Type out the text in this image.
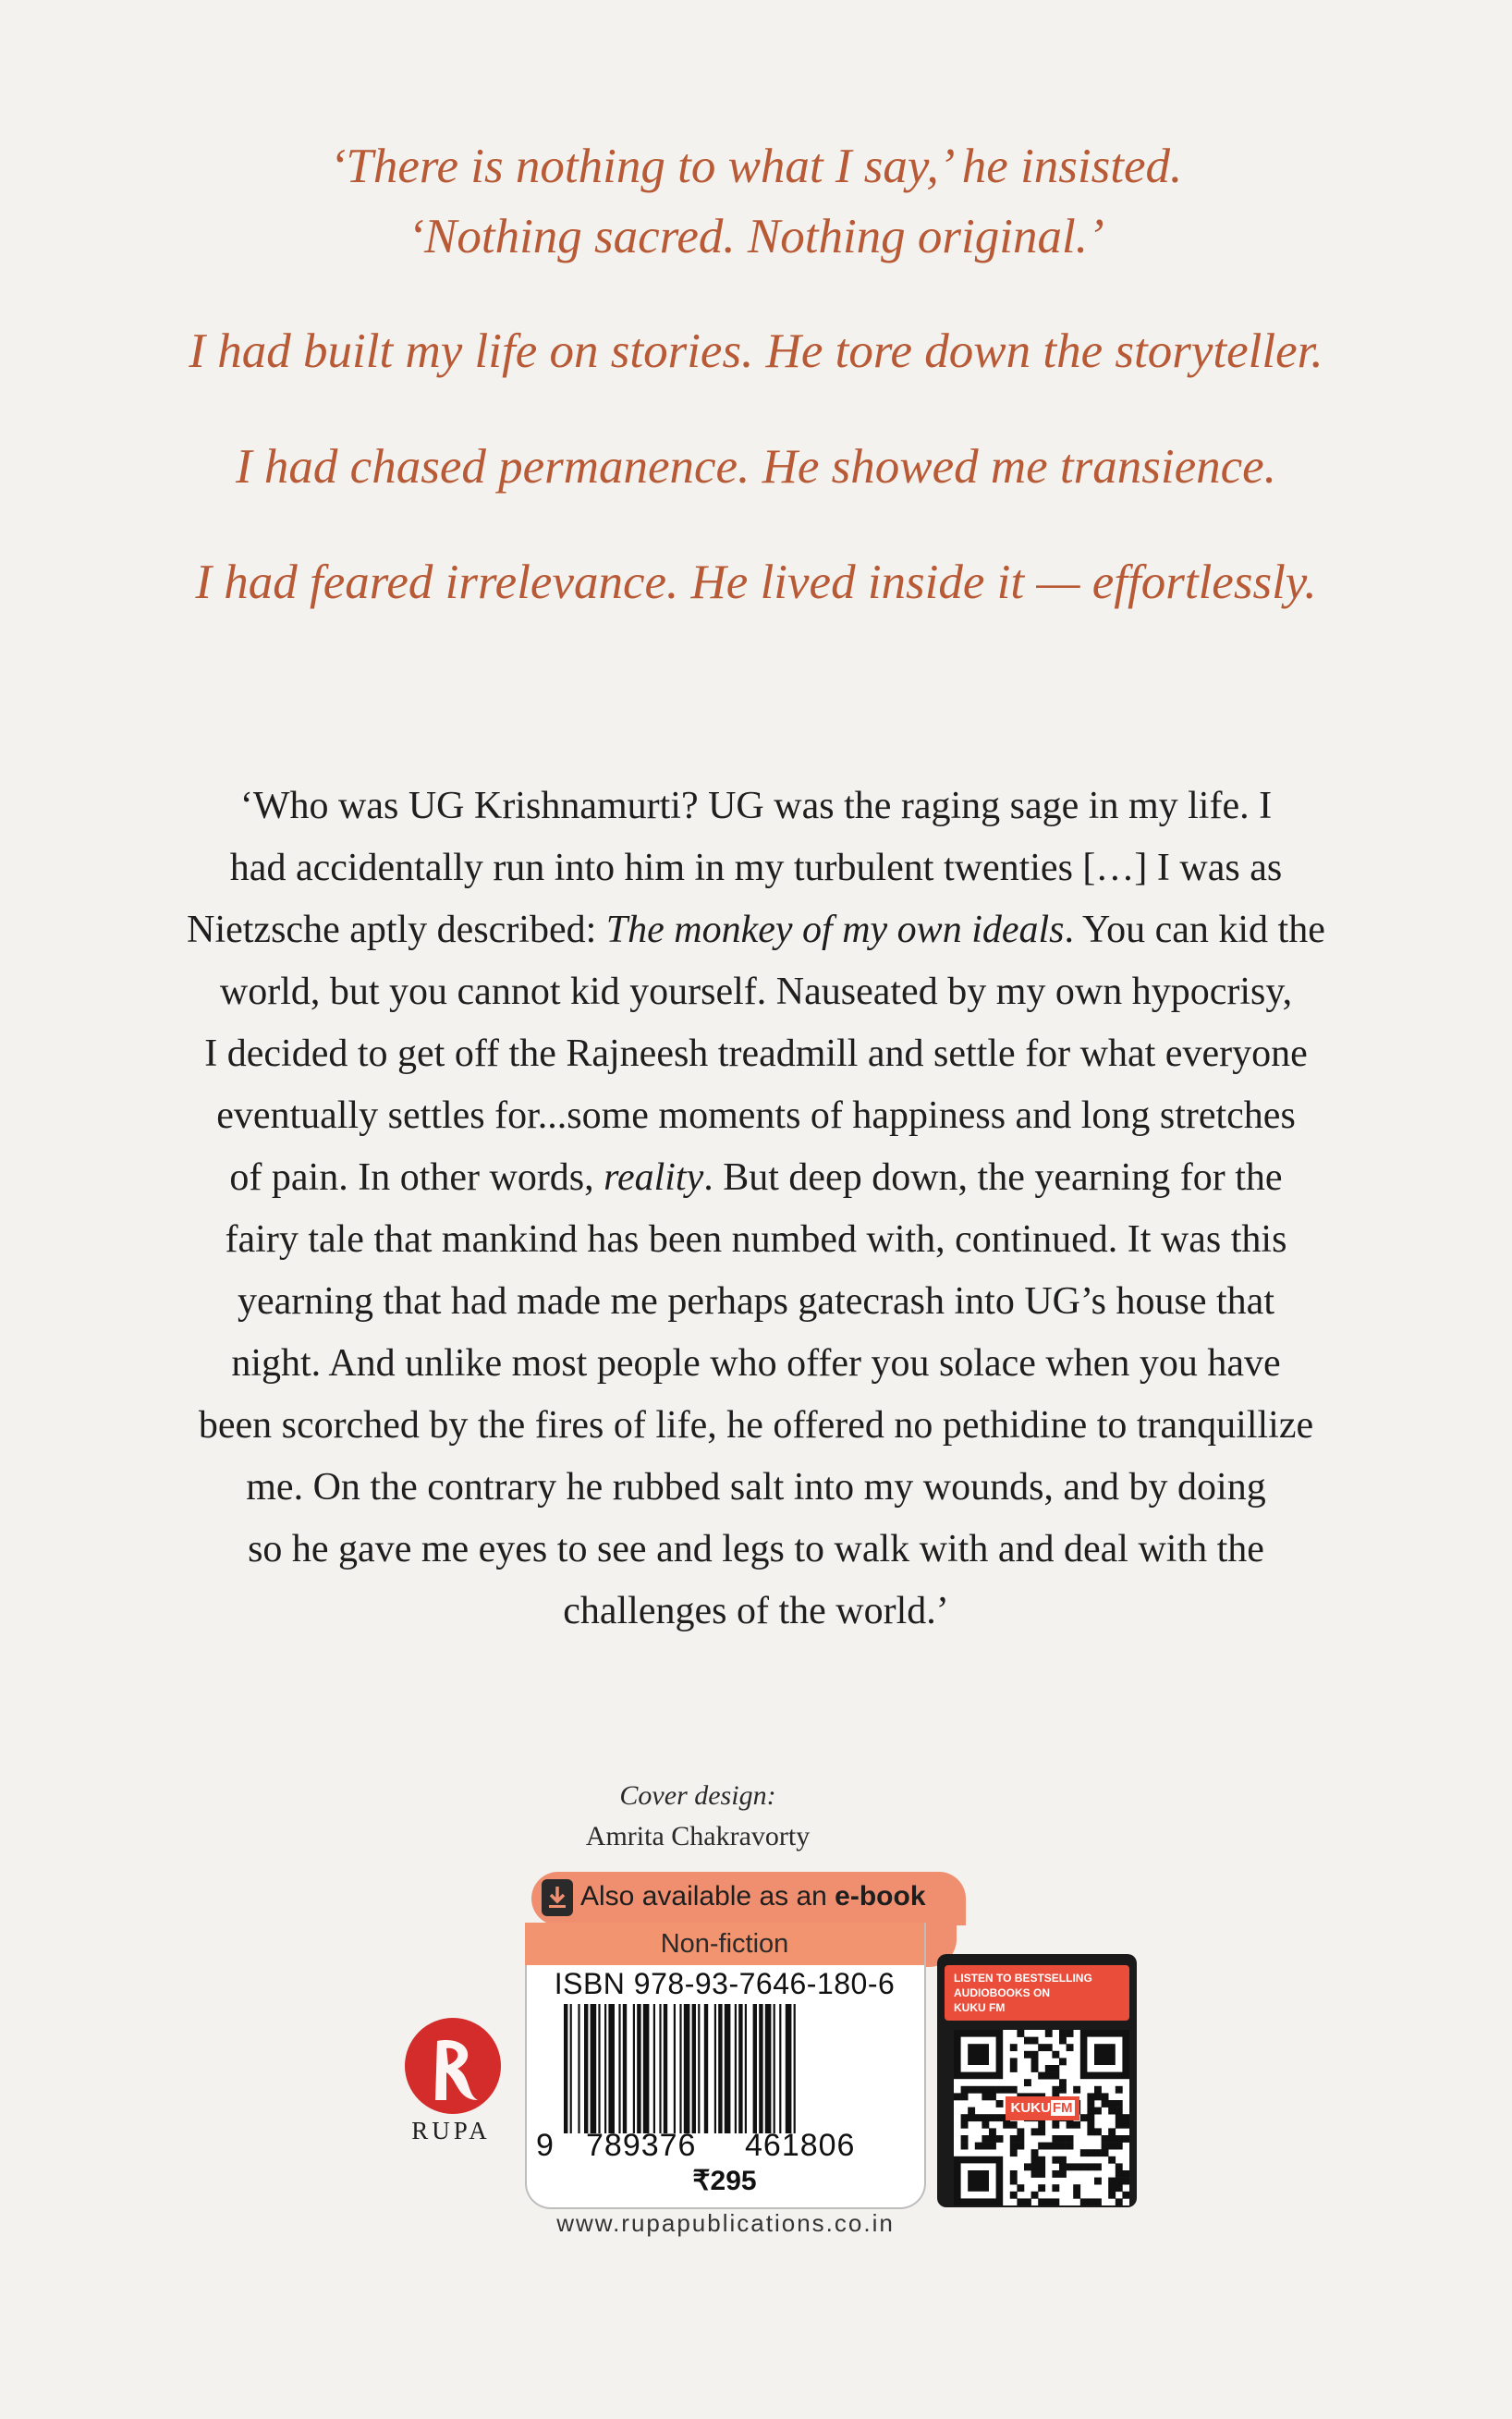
‘There is nothing to what I say,’ he insisted.
‘Nothing sacred. Nothing original.’
I had built my life on stories. He tore down the storyteller.
I had chased permanence. He showed me transience.
I had feared irrelevance. He lived inside it — effortlessly.
‘Who was UG Krishnamurti? UG was the raging sage in my life. I
had accidentally run into him in my turbulent twenties […] I was as
Nietzsche aptly described: The monkey of my own ideals. You can kid the
world, but you cannot kid yourself. Nauseated by my own hypocrisy,
I decided to get off the Rajneesh treadmill and settle for what everyone
eventually settles for...some moments of happiness and long stretches
of pain. In other words, reality. But deep down, the yearning for the
fairy tale that mankind has been numbed with, continued. It was this
yearning that had made me perhaps gatecrash into UG’s house that
night. And unlike most people who offer you solace when you have
been scorched by the fires of life, he offered no pethidine to tranquillize
me. On the contrary he rubbed salt into my wounds, and by doing
so he gave me eyes to see and legs to walk with and deal with the
challenges of the world.’
Cover design:
Amrita Chakravorty
Also available as an e-book
Non-fiction
ISBN 978-93-7646-180-6
9 789376 461806
₹295
www.rupapublications.co.in
RUPA
LISTEN TO BESTSELLING
AUDIOBOOKS ON
KUKU FM
KUKU FM
